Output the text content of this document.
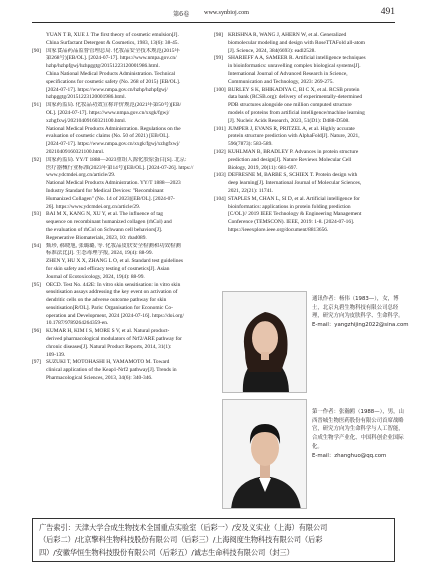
第6卷 www.synbioj.com	491
YUAN T B, XUE J. The first theory of cosmetic emulsion[J].
China Surfactant Detergent & Cosmetics, 1983, 13(6): 38-45.
[90] 国家食品药品监督管理总局. 化妆品安全技术规范(2015年
第268号)[EB/OL]. [2024-07-17]. https://www.nmpa.gov.cn/
hzhp/hzhpfgwj/hzhpggtg/20151223120001986.html.
China National Medical Products Administration. Technical
specifications for cosmetic safety (No. 268 of 2015) [EB/OL].
[2024-07-17]. https://www.nmpa.gov.cn/hzhp/hzhpfgwj/
hzhpggtg/20151223120001986.html.
[91] 国家药监局. 化妆品功效宣称评价规范(2021年第50号)[EB/
OL]. [2024-07-17]. https://www.nmpa.gov.cn/xxgk/fgwj/
xzhgfxwj/20210409160321100.html.
National Medical Products Administration. Regulations on the
evaluation of cosmetic claims (No. 50 of 2021) [EB/OL].
[2024-07-17]. https://www.nmpa.gov.cn/xxgk/fgwj/xzhgfxwj/
20210409160321100.html.
[92] 国家药监局. YY/T 1888—2023重组人源化胶原蛋白[S]. 北京:
医疗器械行业标准(2023年第14号)[EB/OL]. [2024-07-26]. https://
www.ydcmdei.org.cn/article/29.
National Medical Products Administration. YY/T 1888—2023
Industry Standard for Medical Devices: "Recombinant
Humanized Collagen" (No. 14 of 2023)[EB/OL]. [2024-07-
26]. https://www.ydcmdei.org.cn/article/29.
[93] BAI M X, KANG N, XU Y, et al. The influence of tag
sequence on recombinant humanized collagen (rhCol) and
the evaluation of rhCol on Schwann cell behaviors[J].
Regenerative Biomaterials, 2023, 10: rbad089.
[94] 甄珍, 郝晓旭, 张璐璐, 等. 化妆品皮肤安全检测和功效检测
标准法比[J]. 生态毒理学报, 2024, 19(4): 88-99.
ZHEN Y, HU X X, ZHANG L O, et al. Standard test guidelines
for skin safety and efficacy testing of cosmetics[J]. Asian
Journal of Ecotoxicology, 2024, 19(4): 88-99.
[95] OECD. Test No. 442E: In vitro skin sensitisation: in vitro skin
sensitisation assays addressing the key event on activation of
dendritic cells on the adverse outcome pathway for skin
sensitisation[R/OL]. Paris: Organisation for Economic Co-
operation and Development, 2024 [2024-07-16]. https://doi.org/
10.1787/9789264264359-en.
[96] KUMAR H, KIM I S, MORE S V, et al. Natural product-
derived pharmacological modulators of Nrf2/ARE pathway for
chronic diseases[J]. Natural Product Reports, 2014, 31(1):
109-139.
[97] SUZUKI T, MOTOHASHI H, YAMAMOTO M. Toward
clinical application of the Keap1-Nrf2 pathway[J]. Trends in
Pharmacological Sciences, 2013, 34(6): 340-346.
[98] KRISHNA R, WANG J, AHERN W, et al. Generalized
biomolecular modeling and design with RoseTTAFold all-atom
[J]. Science, 2024, 384(6693): eadl2528.
[99] SHARIEFF A A, SAMEER R. Artificial intelligence techniques
in bioinformatics: unravelling complex biological systems[J].
International Journal of Advanced Research in Science,
Communication and Technology, 2023: 269-275.
[100] BURLEY S K, BHIKADIYA C, BI C X, et al. RCSB protein
data bank (RCSB.org): delivery of experimentally-determined
PDB structures alongside one million computed structure
models of proteins from artificial intelligence/machine learning
[J]. Nucleic Acids Research, 2023, 51(D1): D488-D508.
[101] JUMPER J, EVANS R, PRITZEL A, et al. Highly accurate
protein structure prediction with AlphaFold[J]. Nature, 2021,
596(7873): 583-589.
[102] KUHLMAN B, BRADLEY P. Advances in protein structure
prediction and design[J]. Nature Reviews Molecular Cell
Biology, 2019, 20(11): 681-697.
[103] DEFRESNE M, BARBE S, SCHIEX T. Protein design with
deep learning[J]. International Journal of Molecular Sciences,
2021, 22(21): 11741.
[104] STAPLES M, CHAN L, SI D, et al. Artificial intelligence for
bioinformatics: applications in protein folding prediction
[C/OL]// 2019 IEEE Technology & Engineering Management
Conference (TEMSCON). IEEE, 2019: 1-8. [2024-07-16].
https://ieeexplore.ieee.org/document/8813656.
通讯作者：杨伟（1983—），女，博
士，北京丸碧生物科技有限公司总经
理，研究方向为皮肤科学、生命科学。
E-mail：yangzhijing2022@sina.com
第一作者：张瀚鸥（1988—），男，山
西晋城生物医药股份有限公司首席战略
官，研究方向为生命科学与人工智能，
合成生物学产业化、中国科创企业国际
化。
E-mail：zhanghuo@qq.com
广告索引：天津大学合成生物技术全国重点实验室（后彩一）/安及义实业（上海）有限公司
（后彩二）/北京擎科生物科技股份有限公司（后彩三）/上海阅度生物科技有限公司（后彩
四）/安徽华恒生物科技股份有限公司（后彩五）/诚志生命科技有限公司（封三）
